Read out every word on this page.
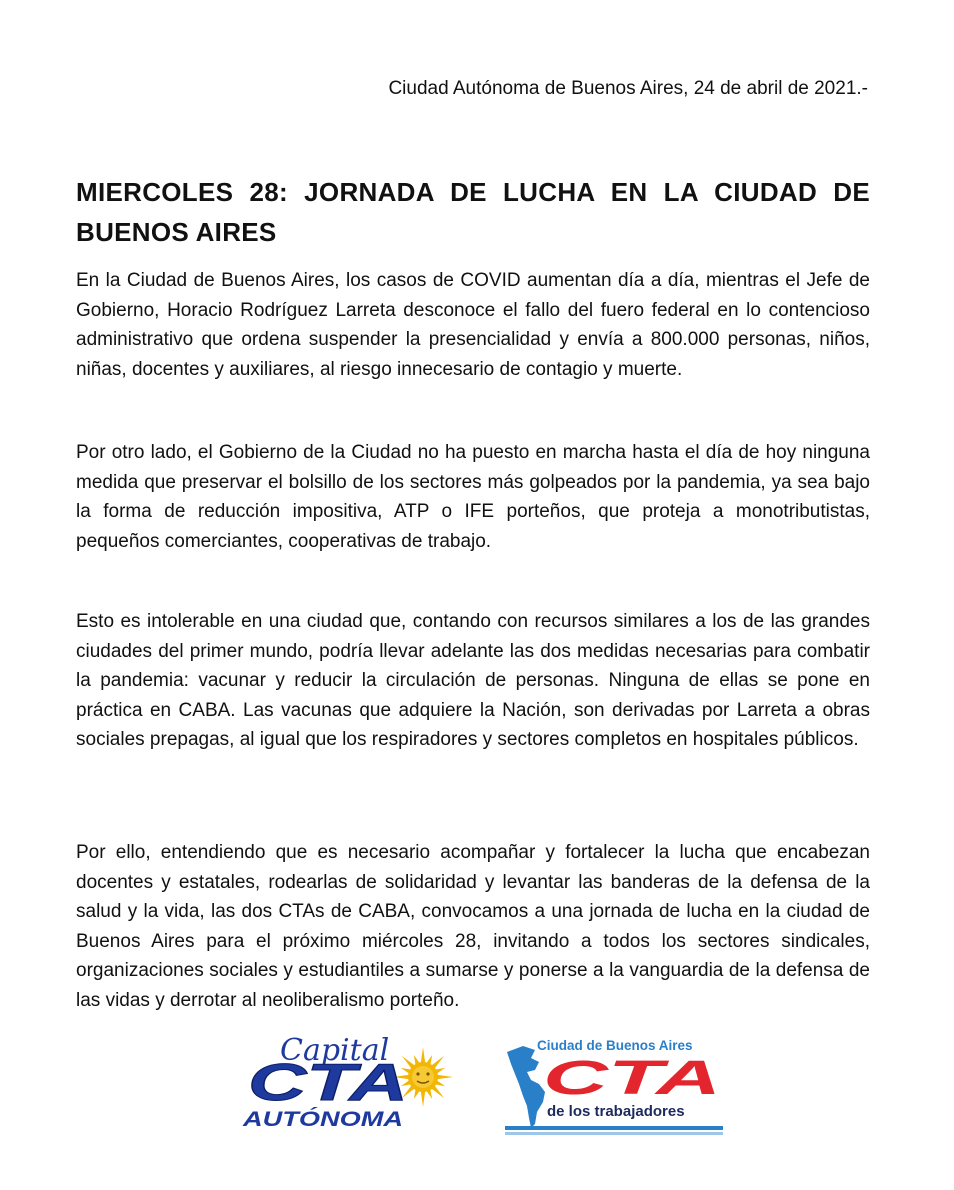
Ciudad Autónoma de Buenos Aires, 24 de abril de 2021.-
MIERCOLES 28: JORNADA DE LUCHA EN LA CIUDAD DE BUENOS AIRES

En la Ciudad de Buenos Aires, los casos de COVID aumentan día a día, mientras el Jefe de Gobierno, Horacio Rodríguez Larreta desconoce el fallo del fuero federal en lo contencioso administrativo que ordena suspender la presencialidad y envía a 800.000 personas, niños, niñas, docentes y auxiliares, al riesgo innecesario de contagio y muerte.

Por otro lado, el Gobierno de la Ciudad no ha puesto en marcha hasta el día de hoy ninguna medida que preservar el bolsillo de los sectores más golpeados por la pandemia, ya sea bajo la forma de reducción impositiva, ATP o IFE porteños, que proteja a monotributistas, pequeños comerciantes, cooperativas de trabajo.

Esto es intolerable en una ciudad que, contando con recursos similares a los de las grandes ciudades del primer mundo, podría llevar adelante las dos medidas necesarias para combatir la pandemia: vacunar y reducir la circulación de personas. Ninguna de ellas se pone en práctica en CABA. Las vacunas que adquiere la Nación, son derivadas por Larreta a obras sociales prepagas, al igual que los respiradores y sectores completos en hospitales públicos.

Por ello, entendiendo que es necesario acompañar y fortalecer la lucha que encabezan docentes y estatales, rodearlas de solidaridad y levantar las banderas de la defensa de la salud y la vida, las dos CTAs de CABA, convocamos a una jornada de lucha en la ciudad de Buenos Aires para el próximo miércoles 28, invitando a todos los sectores sindicales, organizaciones sociales y estudiantiles a sumarse y ponerse a la vanguardia de la defensa de las vidas y derrotar al neoliberalismo porteño.

Capital
CTA
AUTÓNOMA
Ciudad de Buenos Aires
CTA
de los trabajadores
